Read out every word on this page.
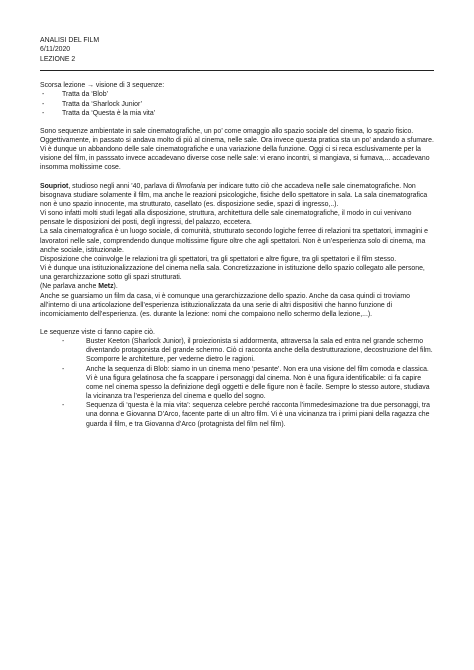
ANALISI DEL FILM
6/11/2020
LEZIONE 2

Scorsa lezione → visione di 3 sequenze:

-	Tratta da ‘Blob’
-	Tratta da ‘Sharlock Junior’
-	Tratta da ‘Questa è la mia vita’

Sono sequenze ambientate in sale cinematografiche, un po’ come omaggio allo spazio sociale del cinema, lo spazio fisico. Oggettivamente, in passato si andava molto di più al cinema, nelle sale. Ora invece questa pratica sta un po’ andando a sfumare. Vi è dunque un abbandono delle sale cinematografiche e una variazione della funzione. Oggi ci si reca esclusivamente per la visione del film, in passsato invece accadevano diverse cose nelle sale: vi erano incontri, si mangiava, si fumava,... accadevano insomma moltissime cose.

Soupriot, studioso negli anni ’40, parlava di filmofania per indicare tutto ciò che accadeva nelle sale cinematografiche. Non bisognava studiare solamente il film, ma anche le reazioni psicologiche, fisiche dello spettatore in sala. La sala cinematografica non è uno spazio innocente, ma strutturato, casellato (es. disposizione sedie, spazi di ingresso,..).

Vi sono infatti molti studi legati alla disposizione, struttura, architettura delle sale cinematografiche, il modo in cui venivano pensate le disposizioni dei posti, degli ingressi, del palazzo, eccetera.

La sala cinematografica è un luogo sociale, di comunità, strutturato secondo logiche ferree di relazioni tra spettatori, immagini e lavoratori nelle sale, comprendendo dunque moltissime figure oltre che agli spettatori. Non è un’esperienza solo di cinema, ma anche sociale, istituzionale.

Disposizione che coinvolge le relazioni tra gli spettatori, tra gli spettatori e altre figure, tra gli spettatori e il film stesso.

Vi è dunque una istituzionalizzazione del cinema nella sala. Concretizzazione in istituzione dello spazio collegato alle persone, una gerarchizzazione sotto gli spazi strutturati.

(Ne parlava anche Metz).

Anche se guarsiamo un film da casa, vi è comunque una gerarchizzazione dello spazio. Anche da casa quindi ci troviamo all’interno di una articolazione dell’esperienza istituzionalizzata da una serie di altri dispositivi che hanno funzione di incorniciamento dell’esperienza. (es. durante la lezione: nomi che compaiono nello schermo della lezione,...).

Le sequenze viste ci fanno capire ciò.

-	Buster Keeton (Sharlock Junior), il proiezionista si addormenta, attraversa la sala ed entra nel grande schermo diventando protagonista del grande schermo. Ciò ci racconta anche della destrutturazione, decostruzione del film. Scomporre le architetture, per vederne dietro le ragioni.
-	Anche la sequenza di Blob: siamo in un cinema meno ‘pesante’. Non era una visione del film comoda e classica. Vi è una figura gelatinosa che fa scappare i personaggi dal cinema. Non è una figura identificabile: ci fa capire come nel cinema spesso la definizione degli oggetti e delle figure non è facile. Sempre lo stesso autore, studiava la vicinanza tra l’esperienza del cinema e quello del sogno.
-	Sequenza di ‘questa è la mia vita’: sequenza celebre perché racconta l’immedesimazione tra due personaggi, tra una donna e Giovanna D’Arco, facente parte di un altro film. Vi è una vicinanza tra i primi piani della ragazza che guarda il film, e tra Giovanna d’Arco (protagnista del film nel film).
